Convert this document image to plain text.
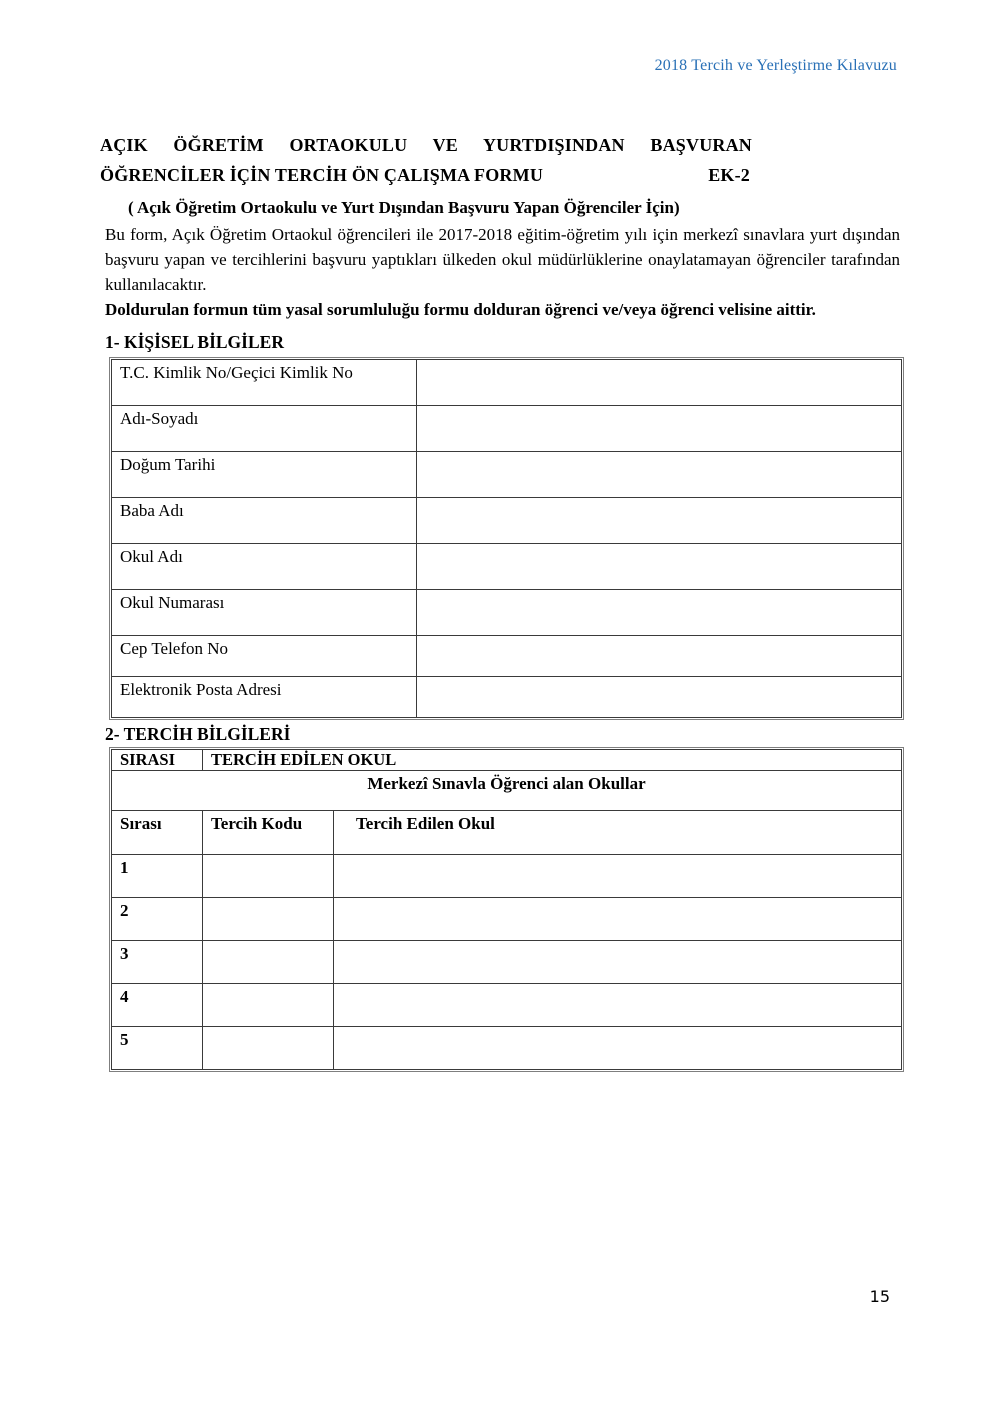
2018 Tercih ve Yerleştirme Kılavuzu
AÇIK ÖĞRETİM ORTAOKULU VE YURTDIŞINDAN BAŞVURAN
ÖĞRENCİLER İÇİN TERCİH ÖN ÇALIŞMA FORMU	EK-2
( Açık Öğretim Ortaokulu ve Yurt Dışından Başvuru Yapan Öğrenciler İçin)

Bu form, Açık Öğretim Ortaokul öğrencileri ile 2017-2018 eğitim-öğretim yılı için merkezî sınavlara yurt dışından başvuru yapan ve tercihlerini başvuru yaptıkları ülkeden okul müdürlüklerine onaylatamayan öğrenciler tarafından kullanılacaktır.

Doldurulan formun tüm yasal sorumluluğu formu dolduran öğrenci ve/veya öğrenci velisine aittir.

1- KİŞİSEL BİLGİLER
T.C. Kimlik No/Geçici Kimlik No	
Adı-Soyadı	
Doğum Tarihi	
Baba Adı	
Okul Adı	
Okul Numarası	
Cep Telefon No	
Elektronik Posta Adresi	
2- TERCİH BİLGİLERİ
SIRASI	TERCİH EDİLEN OKUL	
Merkezî Sınavla Öğrenci alan Okullar		
Sırası	Tercih Kodu	Tercih Edilen Okul
1		
2		
3		
4		
5		
15
